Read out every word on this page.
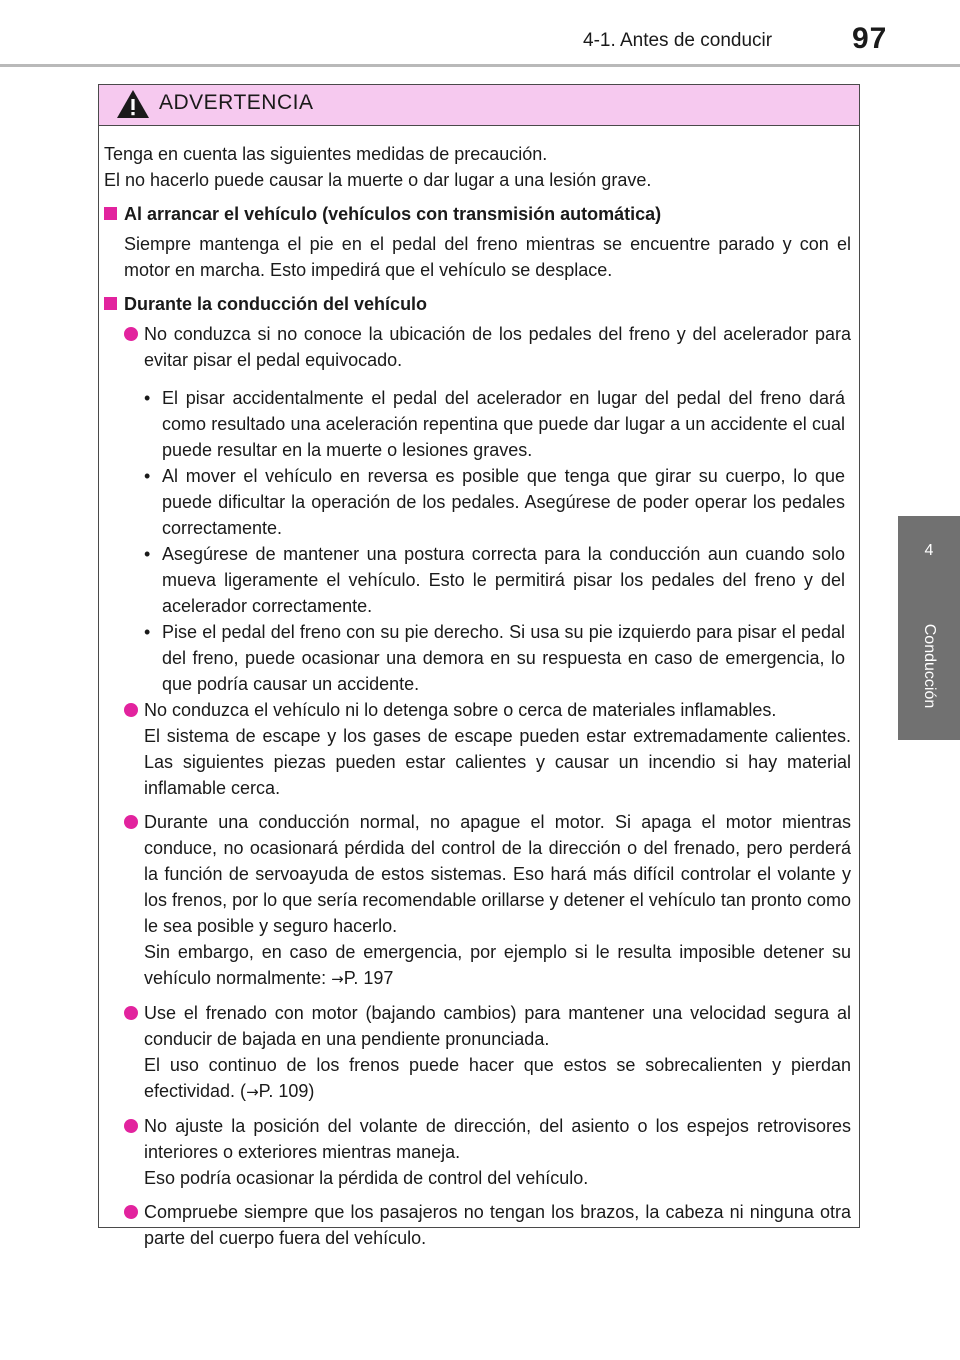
4-1. Antes de conducir	97
4
Conducción
ADVERTENCIA

Tenga en cuenta las siguientes medidas de precaución.

El no hacerlo puede causar la muerte o dar lugar a una lesión grave.

Al arrancar el vehículo (vehículos con transmisión automática)

Siempre mantenga el pie en el pedal del freno mientras se encuentre parado y con el motor en marcha. Esto impedirá que el vehículo se desplace.

Durante la conducción del vehículo

No conduzca si no conoce la ubicación de los pedales del freno y del acelerador para evitar pisar el pedal equivocado.
• El pisar accidentalmente el pedal del acelerador en lugar del pedal del freno dará como resultado una aceleración repentina que puede dar lugar a un accidente el cual puede resultar en la muerte o lesiones graves.
• Al mover el vehículo en reversa es posible que tenga que girar su cuerpo, lo que puede dificultar la operación de los pedales. Asegúrese de poder operar los pedales correctamente.
• Asegúrese de mantener una postura correcta para la conducción aun cuando solo mueva ligeramente el vehículo. Esto le permitirá pisar los pedales del freno y del acelerador correctamente.
• Pise el pedal del freno con su pie derecho. Si usa su pie izquierdo para pisar el pedal del freno, puede ocasionar una demora en su respuesta en caso de emergencia, lo que podría causar un accidente.
No conduzca el vehículo ni lo detenga sobre o cerca de materiales inflamables.
El sistema de escape y los gases de escape pueden estar extremadamente calientes. Las siguientes piezas pueden estar calientes y causar un incendio si hay material inflamable cerca.
Durante una conducción normal, no apague el motor. Si apaga el motor mientras conduce, no ocasionará pérdida del control de la dirección o del frenado, pero perderá la función de servoayuda de estos sistemas. Eso hará más difícil controlar el volante y los frenos, por lo que sería recomendable orillarse y detener el vehículo tan pronto como le sea posible y seguro hacerlo.
Sin embargo, en caso de emergencia, por ejemplo si le resulta imposible detener su vehículo normalmente: →P. 197
Use el frenado con motor (bajando cambios) para mantener una velocidad segura al conducir de bajada en una pendiente pronunciada.
El uso continuo de los frenos puede hacer que estos se sobrecalienten y pierdan efectividad. (→P. 109)
No ajuste la posición del volante de dirección, del asiento o los espejos retrovisores interiores o exteriores mientras maneja.
Eso podría ocasionar la pérdida de control del vehículo.
Compruebe siempre que los pasajeros no tengan los brazos, la cabeza ni ninguna otra parte del cuerpo fuera del vehículo.
